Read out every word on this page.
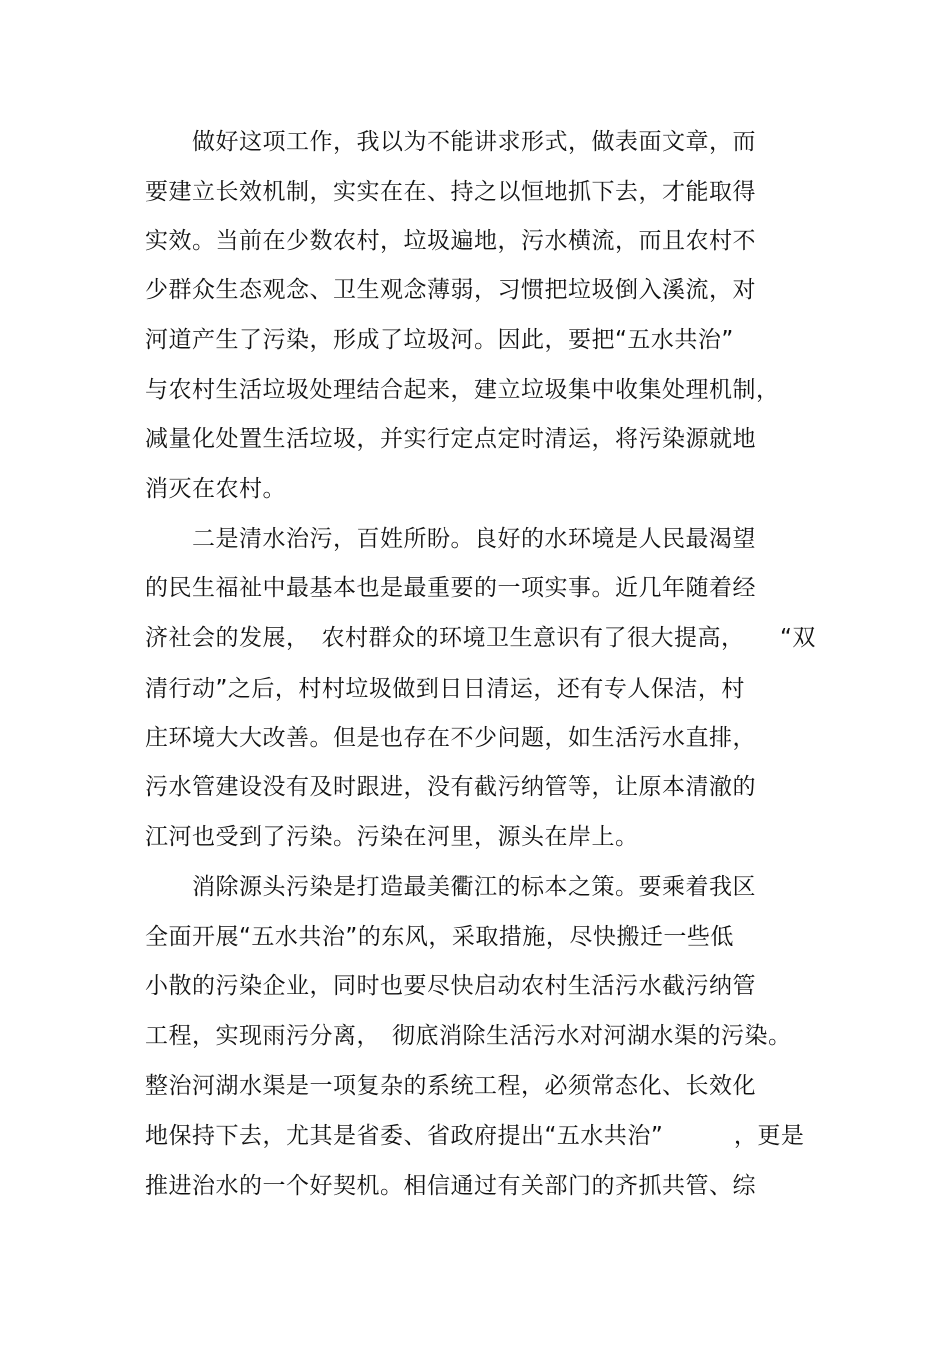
　　做好这项工作，我以为不能讲求形式，做表面文章，而
要建立长效机制，实实在在、持之以恒地抓下去，才能取得
实效。当前在少数农村，垃圾遍地，污水横流，而且农村不
少群众生态观念、卫生观念薄弱，习惯把垃圾倒入溪流，对
河道产生了污染，形成了垃圾河。因此，要把“五水共治”
与农村生活垃圾处理结合起来，建立垃圾集中收集处理机制，
减量化处置生活垃圾，并实行定点定时清运，将污染源就地
消灭在农村。
　　二是清水治污，百姓所盼。良好的水环境是人民最渴望
的民生福祉中最基本也是最重要的一项实事。近几年随着经
济社会的发展，　农村群众的环境卫生意识有了很大提高，　　“双
清行动”之后，村村垃圾做到日日清运，还有专人保洁，村
庄环境大大改善。但是也存在不少问题，如生活污水直排，
污水管建设没有及时跟进，没有截污纳管等，让原本清澈的
江河也受到了污染。污染在河里，源头在岸上。
　　消除源头污染是打造最美衢江的标本之策。要乘着我区
全面开展“五水共治”的东风，采取措施，尽快搬迁一些低
小散的污染企业，同时也要尽快启动农村生活污水截污纳管
工程，实现雨污分离，　彻底消除生活污水对河湖水渠的污染。
整治河湖水渠是一项复杂的系统工程，必须常态化、长效化
地保持下去，尤其是省委、省政府提出“五水共治”　　　，更是
推进治水的一个好契机。相信通过有关部门的齐抓共管、综
